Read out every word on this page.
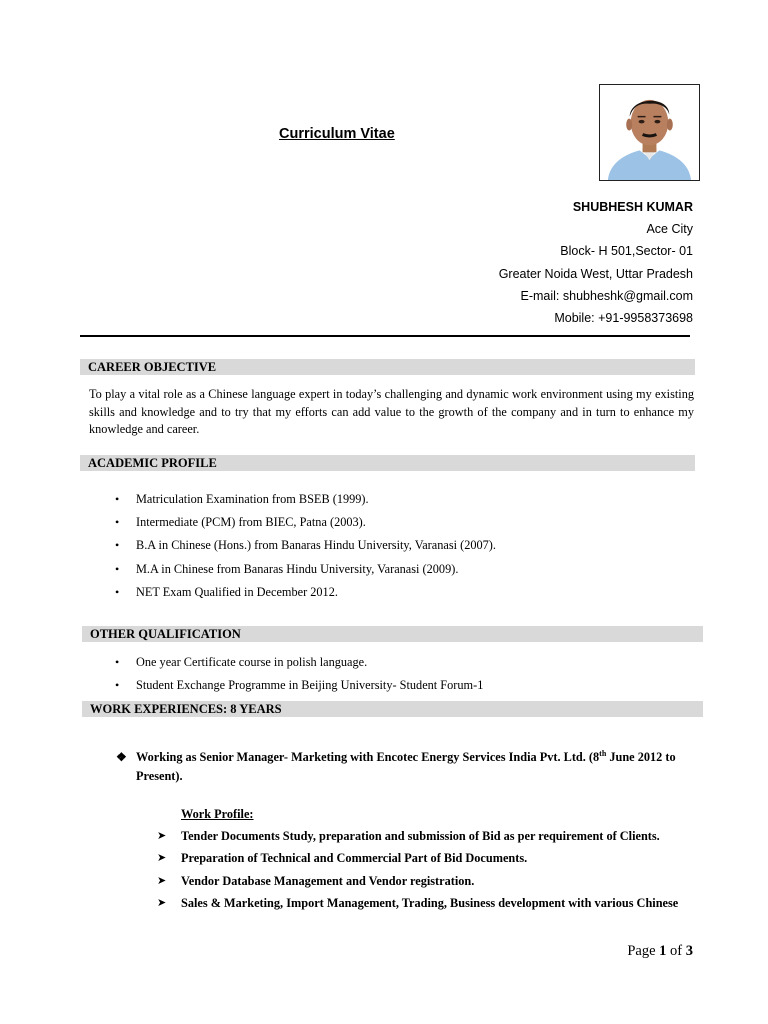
Curriculum Vitae
SHUBHESH KUMAR
Ace City
Block- H 501,Sector- 01
Greater Noida West, Uttar Pradesh
E-mail: shubheshk@gmail.com
Mobile: +91-9958373698
CAREER OBJECTIVE
To play a vital role as a Chinese language expert in today’s challenging and dynamic work environment using my existing skills and knowledge and to try that my efforts can add value to the growth of the company and in turn to enhance my knowledge and career.
ACADEMIC PROFILE
• Matriculation Examination from BSEB (1999).
• Intermediate (PCM) from BIEC, Patna (2003).
• B.A in Chinese (Hons.) from Banaras Hindu University, Varanasi (2007).
• M.A in Chinese from Banaras Hindu University, Varanasi (2009).
• NET Exam Qualified in December 2012.
OTHER QUALIFICATION
• One year Certificate course in polish language.
• Student Exchange Programme in Beijing University- Student Forum-1
WORK EXPERIENCES: 8 YEARS
❖ Working as Senior Manager- Marketing with Encotec Energy Services India Pvt. Ltd. (8th June 2012 to Present).
Work Profile:
➤ Tender Documents Study, preparation and submission of Bid as per requirement of Clients.
➤ Preparation of Technical and Commercial Part of Bid Documents.
➤ Vendor Database Management and Vendor registration.
➤ Sales & Marketing, Import Management, Trading, Business development with various Chinese
Page 1 of 3
